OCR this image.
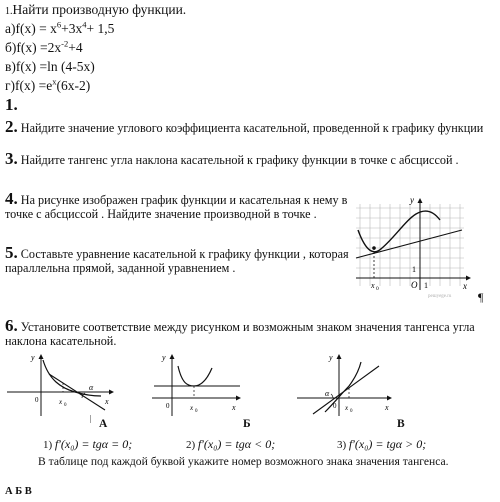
1.Найти производную функции.
$а)f(x) = x^6+3x^4+ 1,5$
$б)f(x) =2x^{-2}+4$
в)f(x) =ln (4-5x)
$г)f(x) =e^x(6x-2)$
1.
2. Найдите значение углового коэффициента касательной, проведенной к графику функции
3. Найдите тангенс угла наклона касательной к графику функции в точке с абсциссой .
4. На рисунке изображен график функции и касательная к нему в
точке с абсциссой . Найдите значение производной в точке .
5. Составьте уравнение касательной к графику функции , которая
параллельна прямой, заданной уравнением .
y
x
O 1
1
x 0
решуege.ru ¶
6. Установите соответствие между рисунком и возможным знаком значения тангенса угла
наклона касательной.
y
x
0	x 0
α
А
|
y
x
0	x 0
Б
y
x
0 x 0
α
В
1) f′(x₀) = tgα = 0;	2) f′(x₀) = tgα < 0;	3) f′(x₀) = tgα > 0;
В таблице под каждой буквой укажите номер возможного знака значения тангенса.
А Б В
